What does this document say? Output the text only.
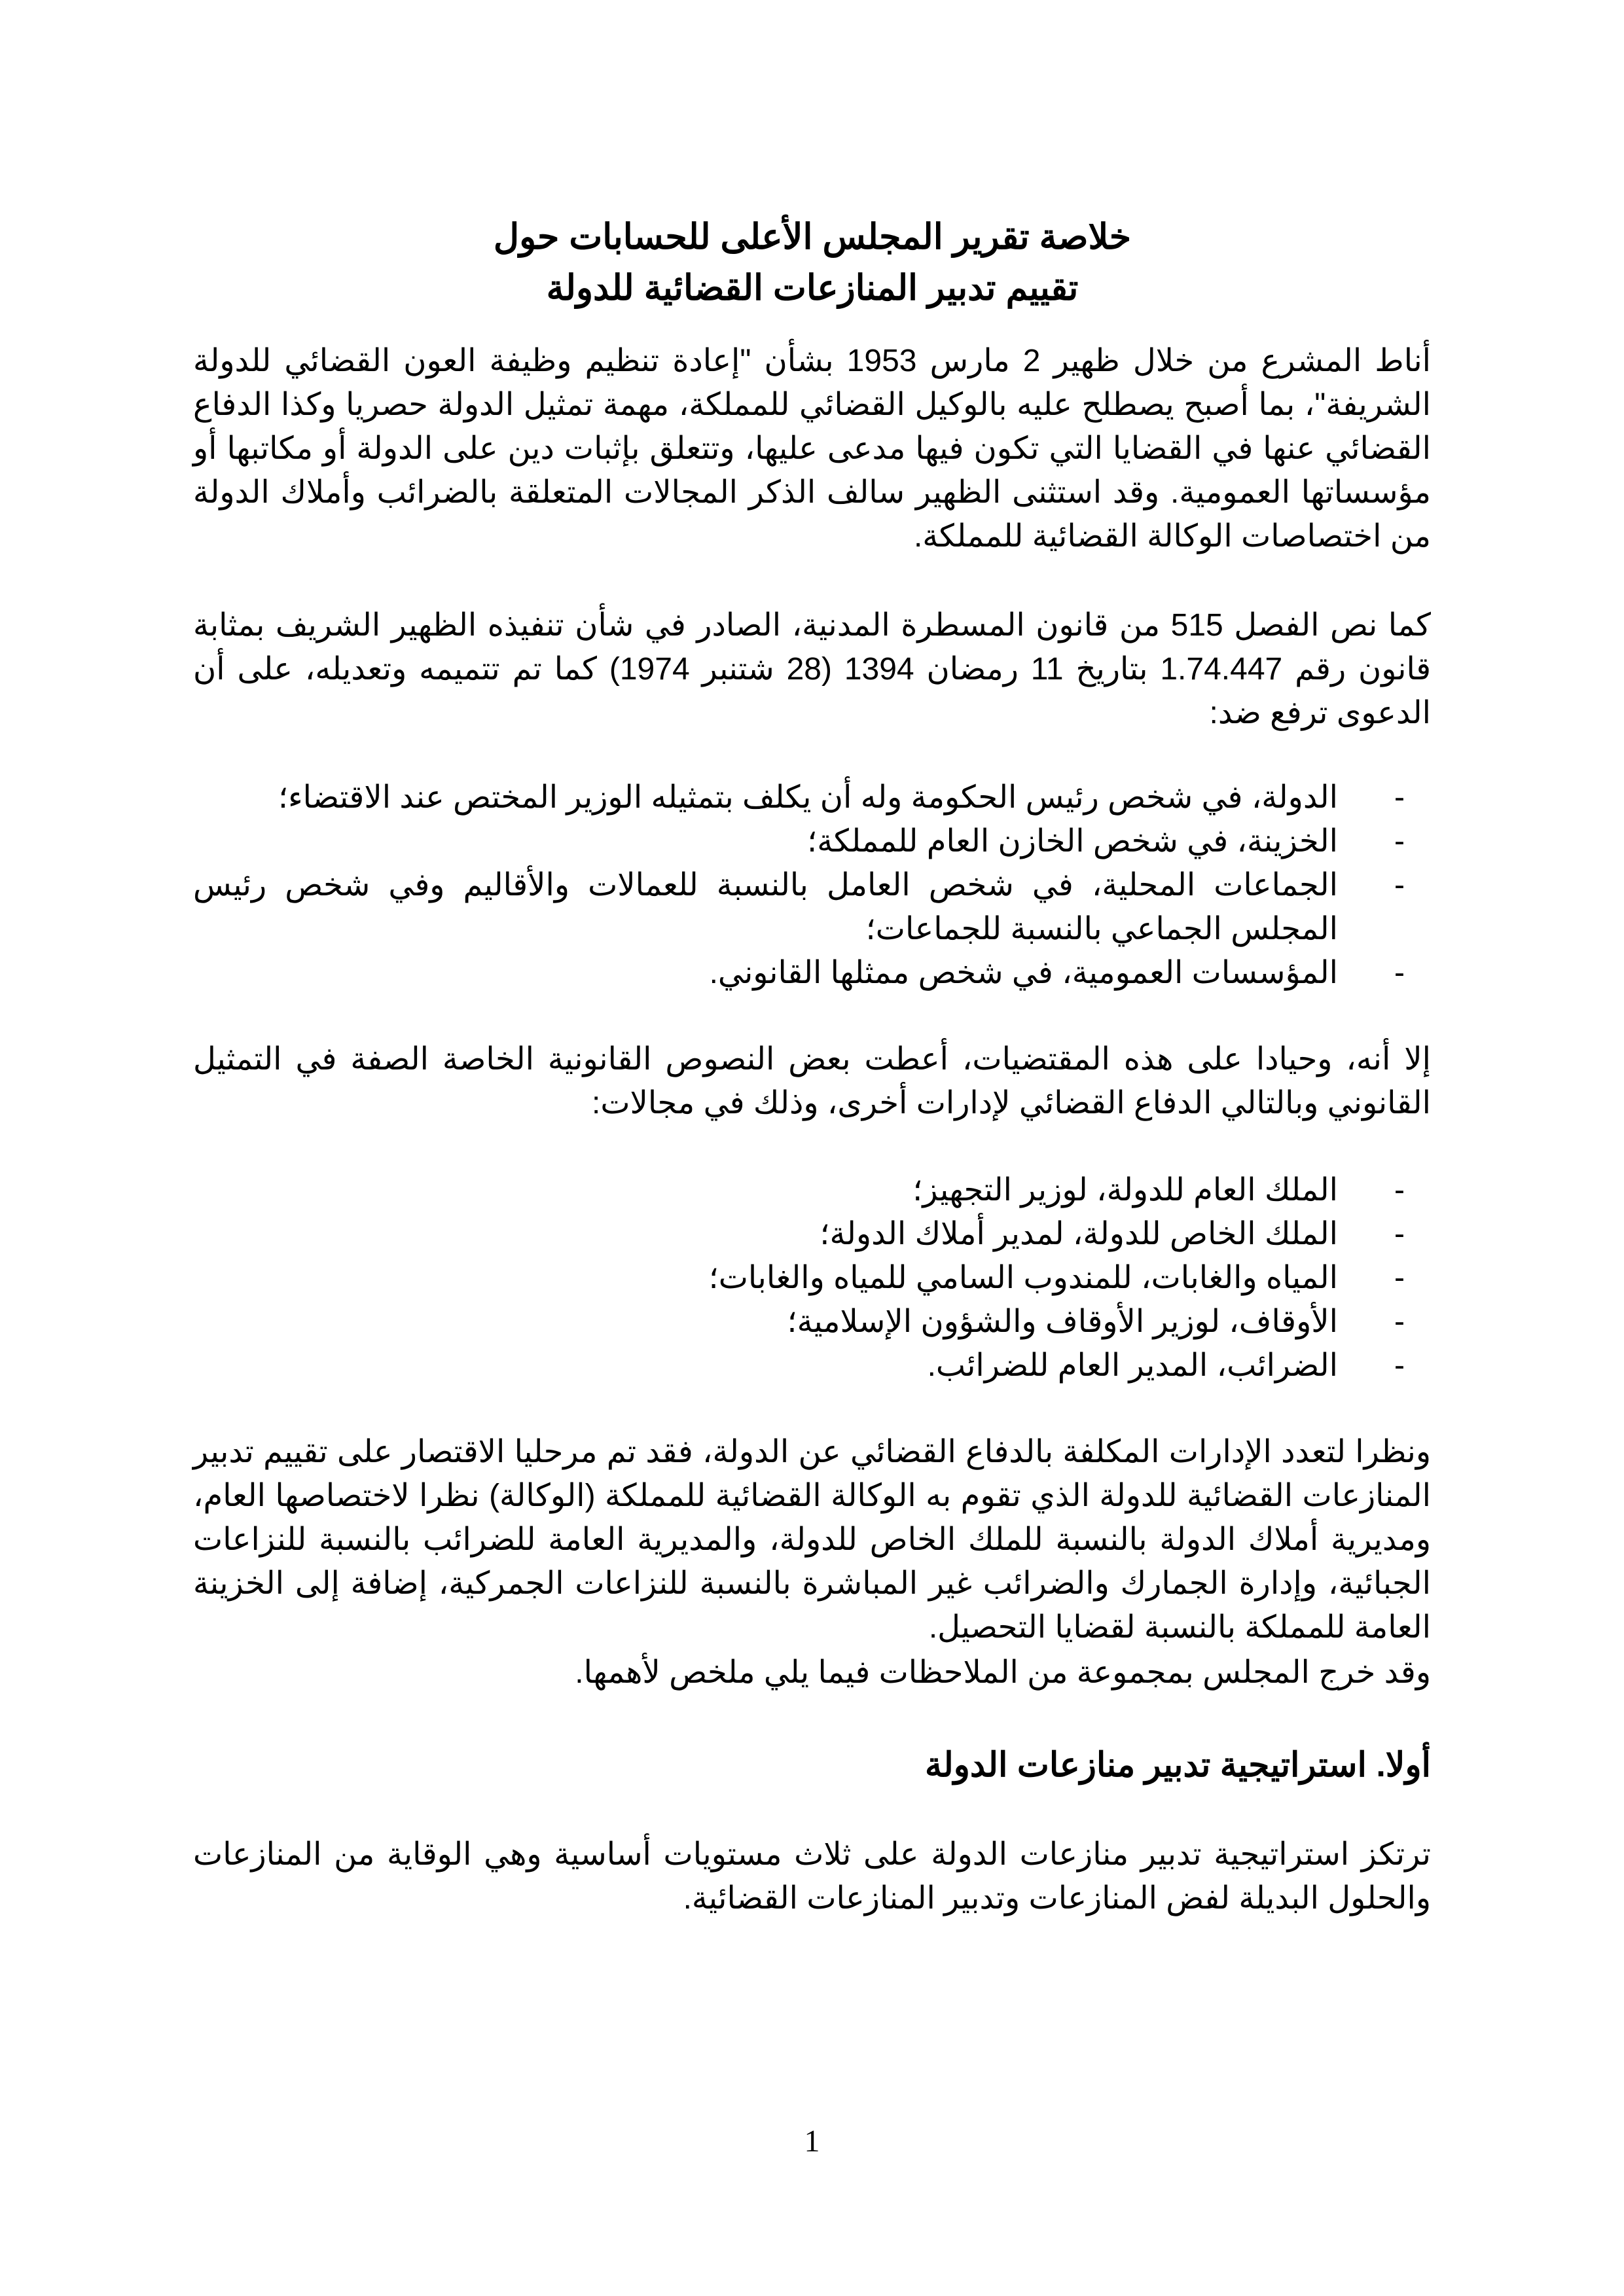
خلاصة تقرير المجلس الأعلى للحسابات حول
تقييم تدبير المنازعات القضائية للدولة

أناط المشرع من خلال ظهير 2 مارس 1953 بشأن "إعادة تنظيم وظيفة العون القضائي للدولة الشريفة"، بما أصبح يصطلح عليه بالوكيل القضائي للمملكة، مهمة تمثيل الدولة حصريا وكذا الدفاع القضائي عنها في القضايا التي تكون فيها مدعى عليها، وتتعلق بإثبات دين على الدولة أو مكاتبها أو مؤسساتها العمومية. وقد استثنى الظهير سالف الذكر المجالات المتعلقة بالضرائب وأملاك الدولة من اختصاصات الوكالة القضائية للمملكة.

كما نص الفصل 515 من قانون المسطرة المدنية، الصادر في شأن تنفيذه الظهير الشريف بمثابة قانون رقم 1.74.447 بتاريخ 11 رمضان 1394 (28 شتنبر 1974) كما تم تتميمه وتعديله، على أن الدعوى ترفع ضد:

-
الدولة، في شخص رئيس الحكومة وله أن يكلف بتمثيله الوزير المختص عند الاقتضاء؛
-
الخزينة، في شخص الخازن العام للمملكة؛
-
الجماعات المحلية، في شخص العامل بالنسبة للعمالات والأقاليم وفي شخص رئيس المجلس الجماعي بالنسبة للجماعات؛
-
المؤسسات العمومية، في شخص ممثلها القانوني.

إلا أنه، وحيادا على هذه المقتضيات، أعطت بعض النصوص القانونية الخاصة الصفة في التمثيل القانوني وبالتالي الدفاع القضائي لإدارات أخرى، وذلك في مجالات:

-
الملك العام للدولة، لوزير التجهيز؛
-
الملك الخاص للدولة، لمدير أملاك الدولة؛
-
المياه والغابات، للمندوب السامي للمياه والغابات؛
-
الأوقاف، لوزير الأوقاف والشؤون الإسلامية؛
-
الضرائب، المدير العام للضرائب.

ونظرا لتعدد الإدارات المكلفة بالدفاع القضائي عن الدولة، فقد تم مرحليا الاقتصار على تقييم تدبير المنازعات القضائية للدولة الذي تقوم به الوكالة القضائية للمملكة (الوكالة) نظرا لاختصاصها العام، ومديرية أملاك الدولة بالنسبة للملك الخاص للدولة، والمديرية العامة للضرائب بالنسبة للنزاعات الجبائية، وإدارة الجمارك والضرائب غير المباشرة بالنسبة للنزاعات الجمركية، إضافة إلى الخزينة العامة للمملكة بالنسبة لقضايا التحصيل.

وقد خرج المجلس بمجموعة من الملاحظات فيما يلي ملخص لأهمها.

أولا. استراتيجية تدبير منازعات الدولة

ترتكز استراتيجية تدبير منازعات الدولة على ثلاث مستويات أساسية وهي الوقاية من المنازعات والحلول البديلة لفض المنازعات وتدبير المنازعات القضائية.

1
